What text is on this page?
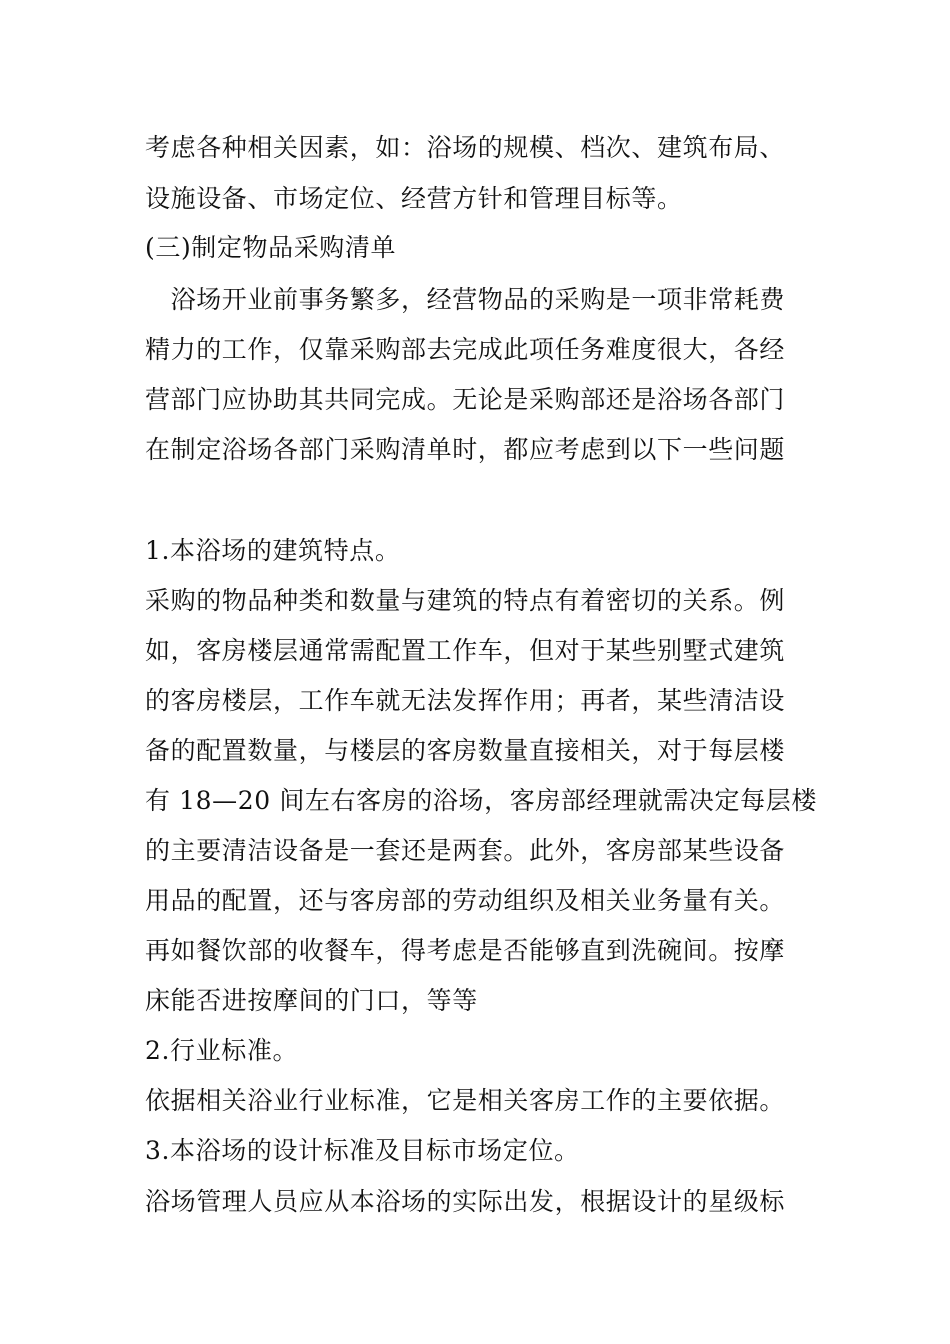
考虑各种相关因素，如：浴场的规模、档次、建筑布局、
设施设备、市场定位、经营方针和管理目标等。
(三)制定物品采购清单
　浴场开业前事务繁多，经营物品的采购是一项非常耗费
精力的工作，仅靠采购部去完成此项任务难度很大，各经
营部门应协助其共同完成。无论是采购部还是浴场各部门
在制定浴场各部门采购清单时，都应考虑到以下一些问题
1.本浴场的建筑特点。
采购的物品种类和数量与建筑的特点有着密切的关系。例
如，客房楼层通常需配置工作车，但对于某些别墅式建筑
的客房楼层，工作车就无法发挥作用；再者，某些清洁设
备的配置数量，与楼层的客房数量直接相关，对于每层楼
有 18—20 间左右客房的浴场，客房部经理就需决定每层楼
的主要清洁设备是一套还是两套。此外，客房部某些设备
用品的配置，还与客房部的劳动组织及相关业务量有关。
再如餐饮部的收餐车，得考虑是否能够直到洗碗间。按摩
床能否进按摩间的门口，等等
2.行业标准。
依据相关浴业行业标准，它是相关客房工作的主要依据。
3.本浴场的设计标准及目标市场定位。
浴场管理人员应从本浴场的实际出发，根据设计的星级标
